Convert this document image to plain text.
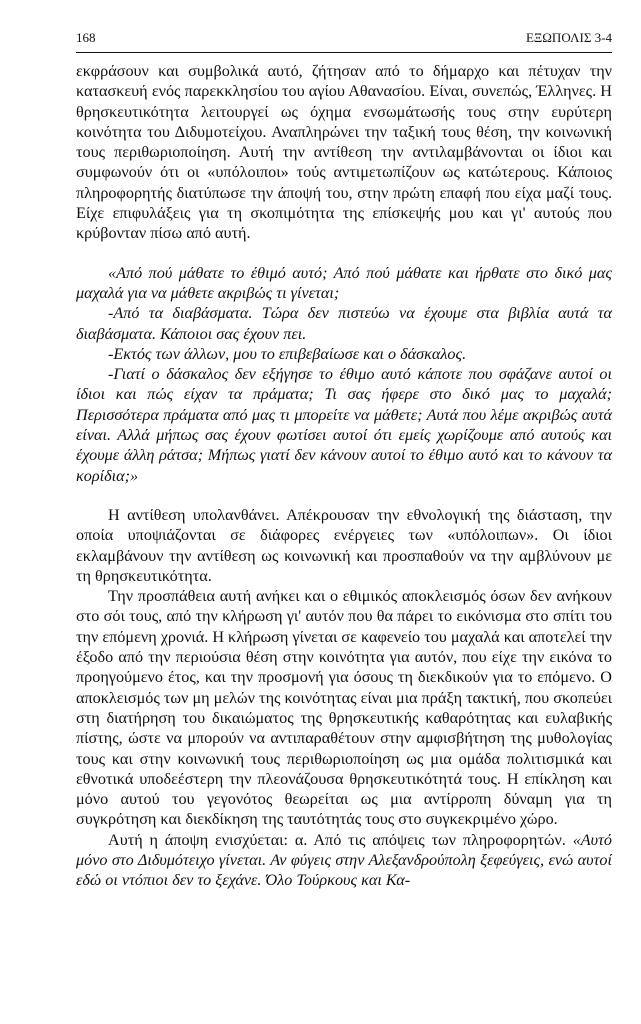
168	ΕΞΩΠΟΛΙΣ 3-4

εκφράσουν και συμβολικά αυτό, ζήτησαν από το δήμαρχο και πέτυχαν την κατασκευή ενός παρεκκλησίου του αγίου Αθανασίου. Είναι, συνεπώς, Έλληνες. Η θρησκευτικότητα λειτουργεί ως όχημα ενσωμάτωσής τους στην ευρύτερη κοινότητα του Διδυμοτείχου. Αναπληρώνει την ταξική τους θέση, την κοινωνική τους περιθωριοποίηση. Αυτή την αντίθεση την αντιλαμβάνονται οι ίδιοι και συμφωνούν ότι οι «υπόλοιποι» τούς αντιμετωπίζουν ως κατώτερους. Κάποιος πληροφορητής διατύπωσε την άποψή του, στην πρώτη επαφή που είχα μαζί τους. Είχε επιφυλάξεις για τη σκοπιμότητα της επίσκεψής μου και γι' αυτούς που κρύβονταν πίσω από αυτή.

«Από πού μάθατε το έθιμό αυτό; Από πού μάθατε και ήρθατε στο δικό μας μαχαλά για να μάθετε ακριβώς τι γίνεται;

-Από τα διαβάσματα. Τώρα δεν πιστεύω να έχουμε στα βιβλία αυτά τα διαβάσματα. Κάποιοι σας έχουν πει.

-Εκτός των άλλων, μου το επιβεβαίωσε και ο δάσκαλος.

-Γιατί ο δάσκαλος δεν εξήγησε το έθιμο αυτό κάποτε που σφάζανε αυτοί οι ίδιοι και πώς είχαν τα πράματα; Τι σας ήφερε στο δικό μας το μαχαλά; Περισσότερα πράματα από μας τι μπορείτε να μάθετε; Αυτά που λέμε ακριβώς αυτά είναι. Αλλά μήπως σας έχουν φωτίσει αυτοί ότι εμείς χωρίζουμε από αυτούς και έχουμε άλλη ράτσα; Μήπως γιατί δεν κάνουν αυτοί το έθιμο αυτό και το κάνουν τα κορίδια;»

Η αντίθεση υπολανθάνει. Απέκρουσαν την εθνολογική της διάσταση, την οποία υποψιάζονται σε διάφορες ενέργειες των «υπόλοιπων». Οι ίδιοι εκλαμβάνουν την αντίθεση ως κοινωνική και προσπαθούν να την αμβλύνουν με τη θρησκευτικότητα.

Την προσπάθεια αυτή ανήκει και ο εθιμικός αποκλεισμός όσων δεν ανήκουν στο σόι τους, από την κλήρωση γι' αυτόν που θα πάρει το εικόνισμα στο σπίτι του την επόμενη χρονιά. Η κλήρωση γίνεται σε καφενείο του μαχαλά και αποτελεί την έξοδο από την περιούσια θέση στην κοινότητα για αυτόν, που είχε την εικόνα το προηγούμενο έτος, και την προσμονή για όσους τη διεκδικούν για το επόμενο. Ο αποκλεισμός των μη μελών της κοινότητας είναι μια πράξη τακτική, που σκοπεύει στη διατήρηση του δικαιώματος της θρησκευτικής καθαρότητας και ευλαβικής πίστης, ώστε να μπορούν να αντιπαραθέτουν στην αμφισβήτηση της μυθολογίας τους και στην κοινωνική τους περιθωριοποίηση ως μια ομάδα πολιτισμικά και εθνοτικά υποδεέστερη την πλεονάζουσα θρησκευτικότητά τους. Η επίκληση και μόνο αυτού του γεγονότος θεωρείται ως μια αντίρροπη δύναμη για τη συγκρότηση και διεκδίκηση της ταυτότητάς τους στο συγκεκριμένο χώρο.

Αυτή η άποψη ενισχύεται: α. Από τις απόψεις των πληροφορητών. «Αυτό μόνο στο Διδυμότειχο γίνεται. Αν φύγεις στην Αλεξανδρούπολη ξεφεύγεις, ενώ αυτοί εδώ οι ντόπιοι δεν το ξεχάνε. Όλο Τούρκους και Κα-
